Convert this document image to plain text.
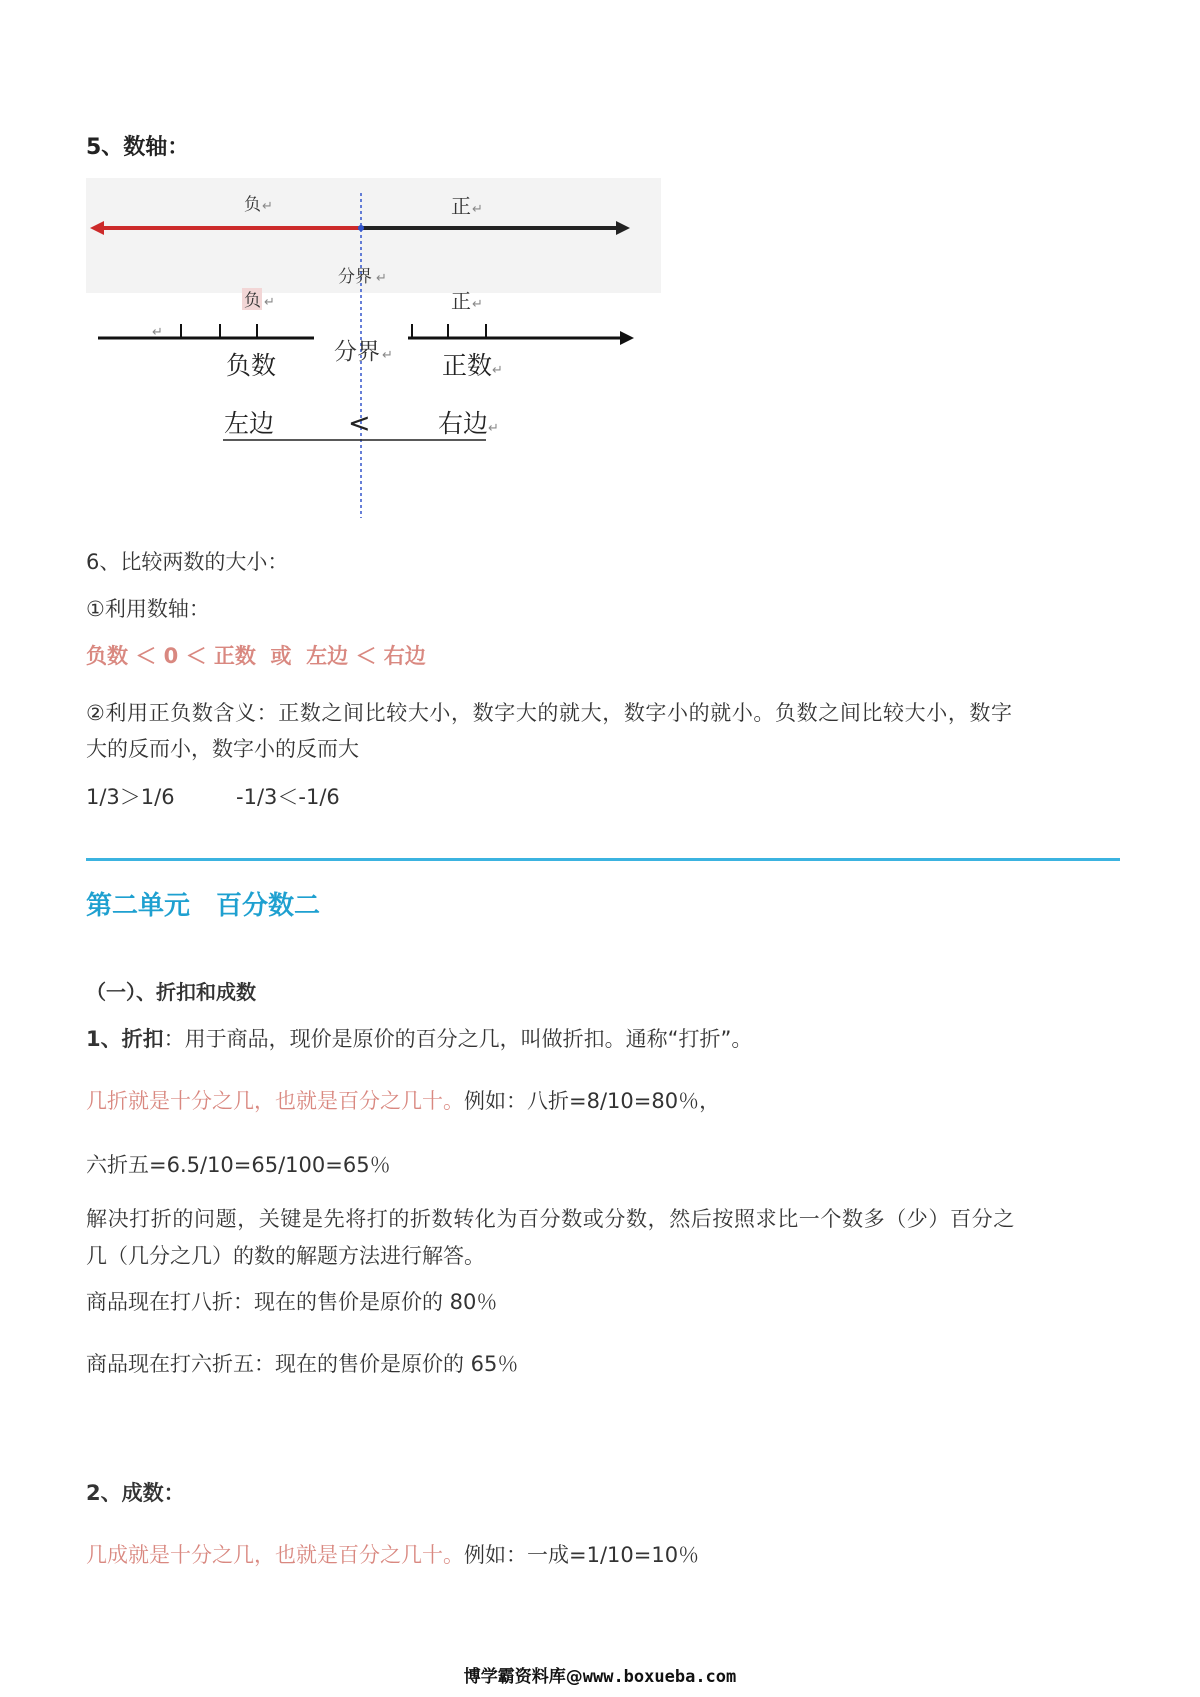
5、数轴：
负 ↵	正 ↵
分界 ↵
负 ↵	正 ↵
↵
分界 ↵
负数	正数 ↵
左边	<	右边 ↵
6、比较两数的大小：
①利用数轴：
负数 ＜ 0 ＜ 正数 或 左边 ＜ 右边
②利用正负数含义：正数之间比较大小，数字大的就大，数字小的就小。负数之间比较大小，数字
大的反而小，数字小的反而大
1/3＞1/6	-1/3＜-1/6
第二单元 百分数二
（一）、折扣和成数
1、折扣：用于商品，现价是原价的百分之几，叫做折扣。通称“打折”。
几折就是十分之几，也就是百分之几十。例如：八折=8/10=80％，
六折五=6.5/10=65/100=65％
解决打折的问题，关键是先将打的折数转化为百分数或分数，然后按照求比一个数多（少）百分之
几（几分之几）的数的解题方法进行解答。
商品现在打八折：现在的售价是原价的 80％
商品现在打六折五：现在的售价是原价的 65％
2、成数：
几成就是十分之几，也就是百分之几十。例如：一成=1/10=10％
博学霸资料库@www.boxueba.com
